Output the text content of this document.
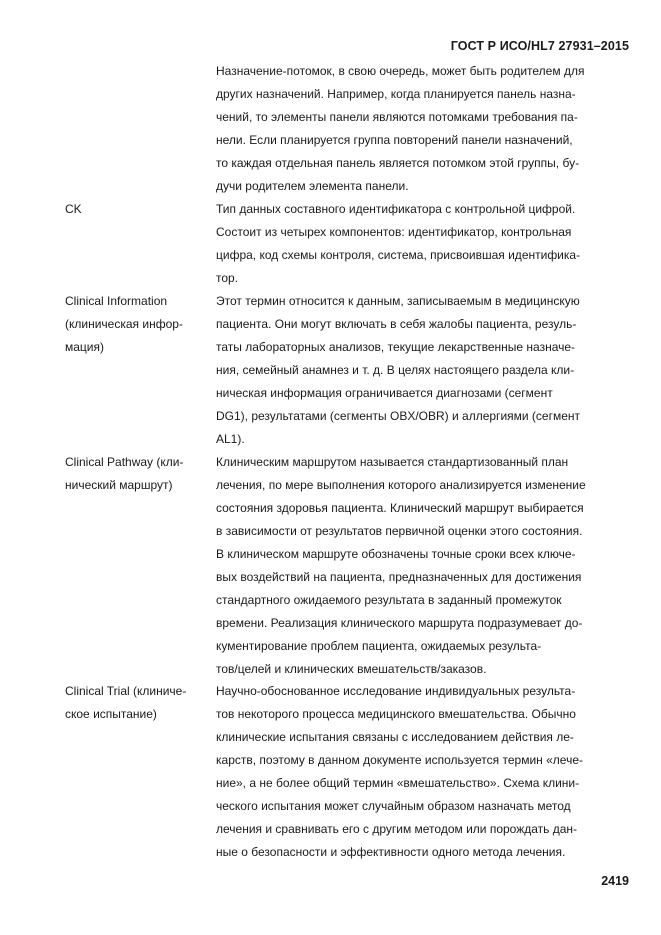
ГОСТ Р ИСО/HL7 27931–2015
Назначение-потомок, в свою очередь, может быть родителем для
других назначений. Например, когда планируется панель назна-
чений, то элементы панели являются потомками требования па-
нели. Если планируется группа повторений панели назначений,
то каждая отдельная панель является потомком этой группы, бу-
дучи родителем элемента панели.
CK	Тип данных составного идентификатора с контрольной цифрой.
Состоит из четырех компонентов: идентификатор, контрольная
цифра, код схемы контроля, система, присвоившая идентифика-
тор.
Clinical Information
(клиническая инфор-
мация)
Этот термин относится к данным, записываемым в медицинскую
пациента. Они могут включать в себя жалобы пациента, резуль-
таты лабораторных анализов, текущие лекарственные назначе-
ния, семейный анамнез и т. д. В целях настоящего раздела кли-
ническая информация ограничивается диагнозами (сегмент
DG1), результатами (сегменты OBX/OBR) и аллергиями (сегмент
AL1).
Clinical Pathway (кли-
нический маршрут)
Клиническим маршрутом называется стандартизованный план
лечения, по мере выполнения которого анализируется изменение
состояния здоровья пациента. Клинический маршрут выбирается
в зависимости от результатов первичной оценки этого состояния.
В клиническом маршруте обозначены точные сроки всех ключе-
вых воздействий на пациента, предназначенных для достижения
стандартного ожидаемого результата в заданный промежуток
времени. Реализация клинического маршрута подразумевает до-
кументирование проблем пациента, ожидаемых результа-
тов/целей и клинических вмешательств/заказов.
Clinical Trial (клиниче-
ское испытание)
Научно-обоснованное исследование индивидуальных результа-
тов некоторого процесса медицинского вмешательства. Обычно
клинические испытания связаны с исследованием действия ле-
карств, поэтому в данном документе используется термин «лече-
ние», а не более общий термин «вмешательство». Схема клини-
ческого испытания может случайным образом назначать метод
лечения и сравнивать его с другим методом или порождать дан-
ные о безопасности и эффективности одного метода лечения.
2419
